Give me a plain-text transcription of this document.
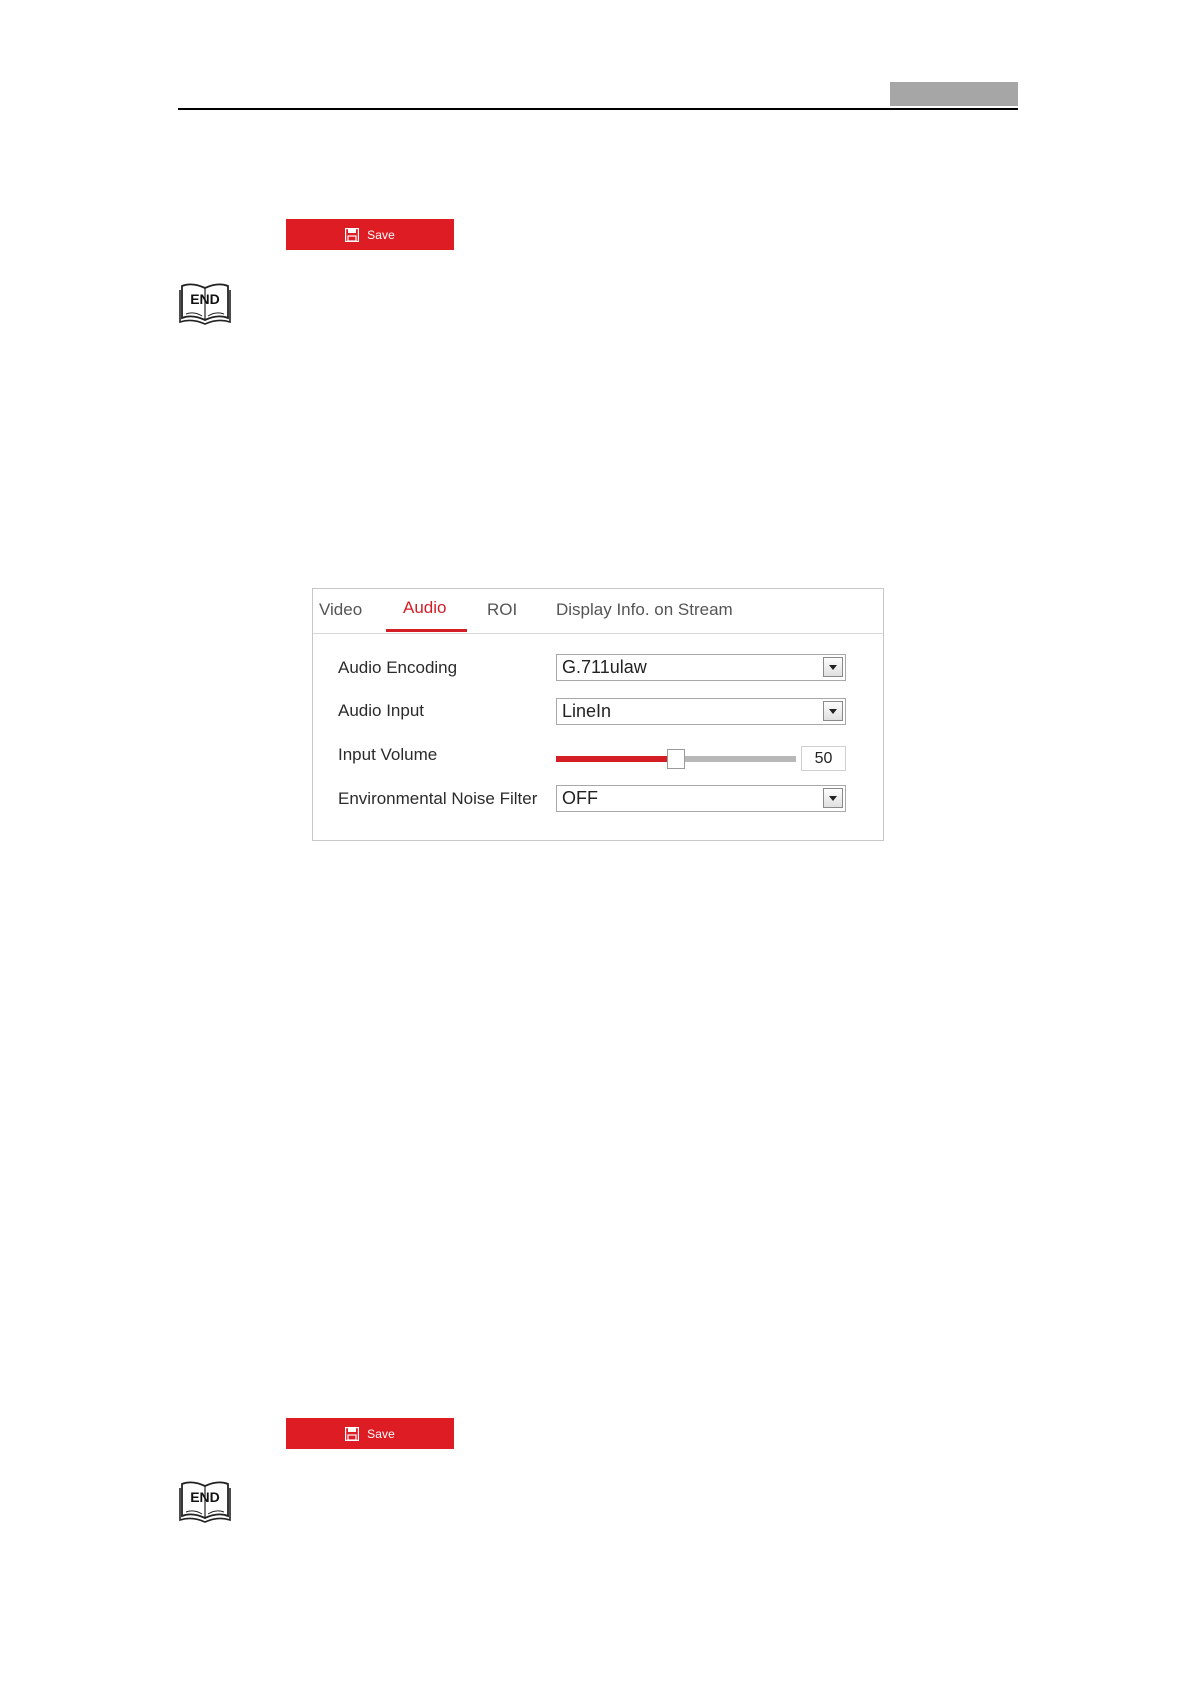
Save
END
Video Audio ROI Display Info. on Stream
Audio Encoding	G.711ulaw
Audio Input	LineIn
Input Volume	50
Environmental Noise Filter OFF
Save
END
